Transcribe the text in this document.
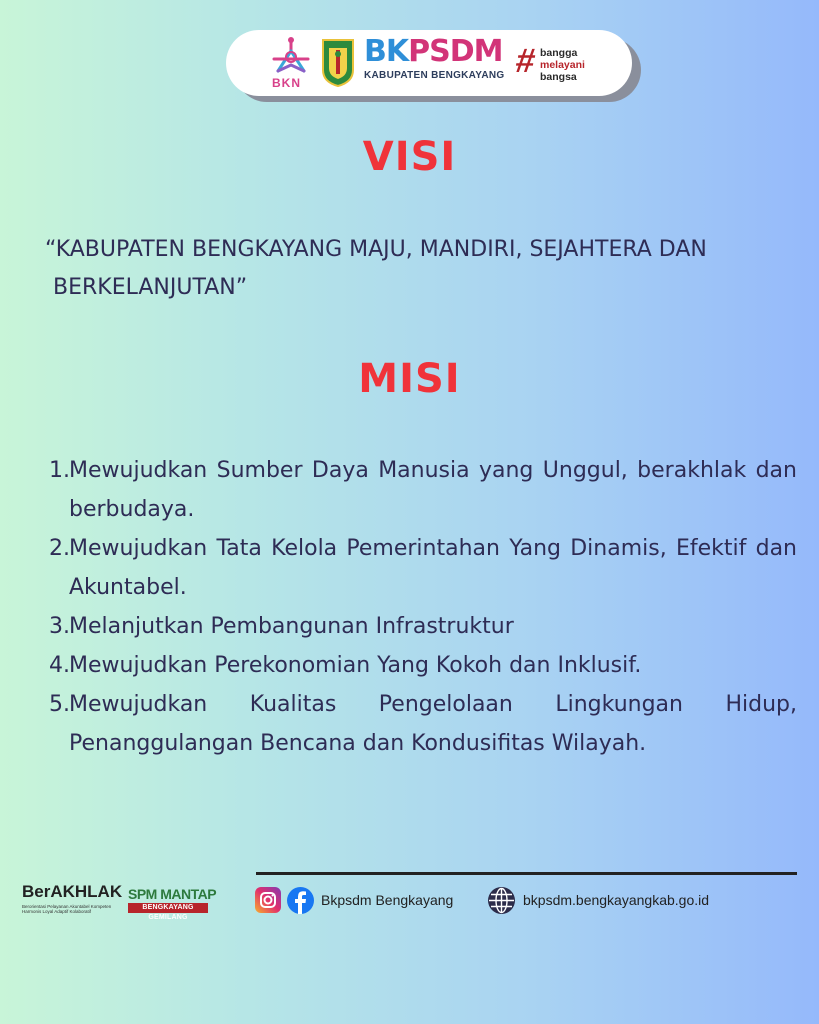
BKN
BKPSDM
KABUPATEN BENGKAYANG # bangga
melayani
bangsa
VISI
“KABUPATEN BENGKAYANG MAJU, MANDIRI, SEJAHTERA DAN
BERKELANJUTAN”
MISI
1. Mewujudkan Sumber Daya Manusia yang Unggul, berakhlak dan berbudaya.
2. Mewujudkan Tata Kelola Pemerintahan Yang Dinamis, Efektif dan Akuntabel.
3. Melanjutkan Pembangunan Infrastruktur
4. Mewujudkan Perekonomian Yang Kokoh dan Inklusif.
5. Mewujudkan Kualitas Pengelolaan Lingkungan Hidup, Penanggulangan Bencana dan Kondusifitas Wilayah.
BerAKHLAK
Berorientasi Pelayanan Akuntabel Kompeten Harmonis Loyal Adaptif Kolaboratif
SPM MANTAP
BENGKAYANG GEMILANG
Bkpsdm Bengkayang	bkpsdm.bengkayangkab.go.id
